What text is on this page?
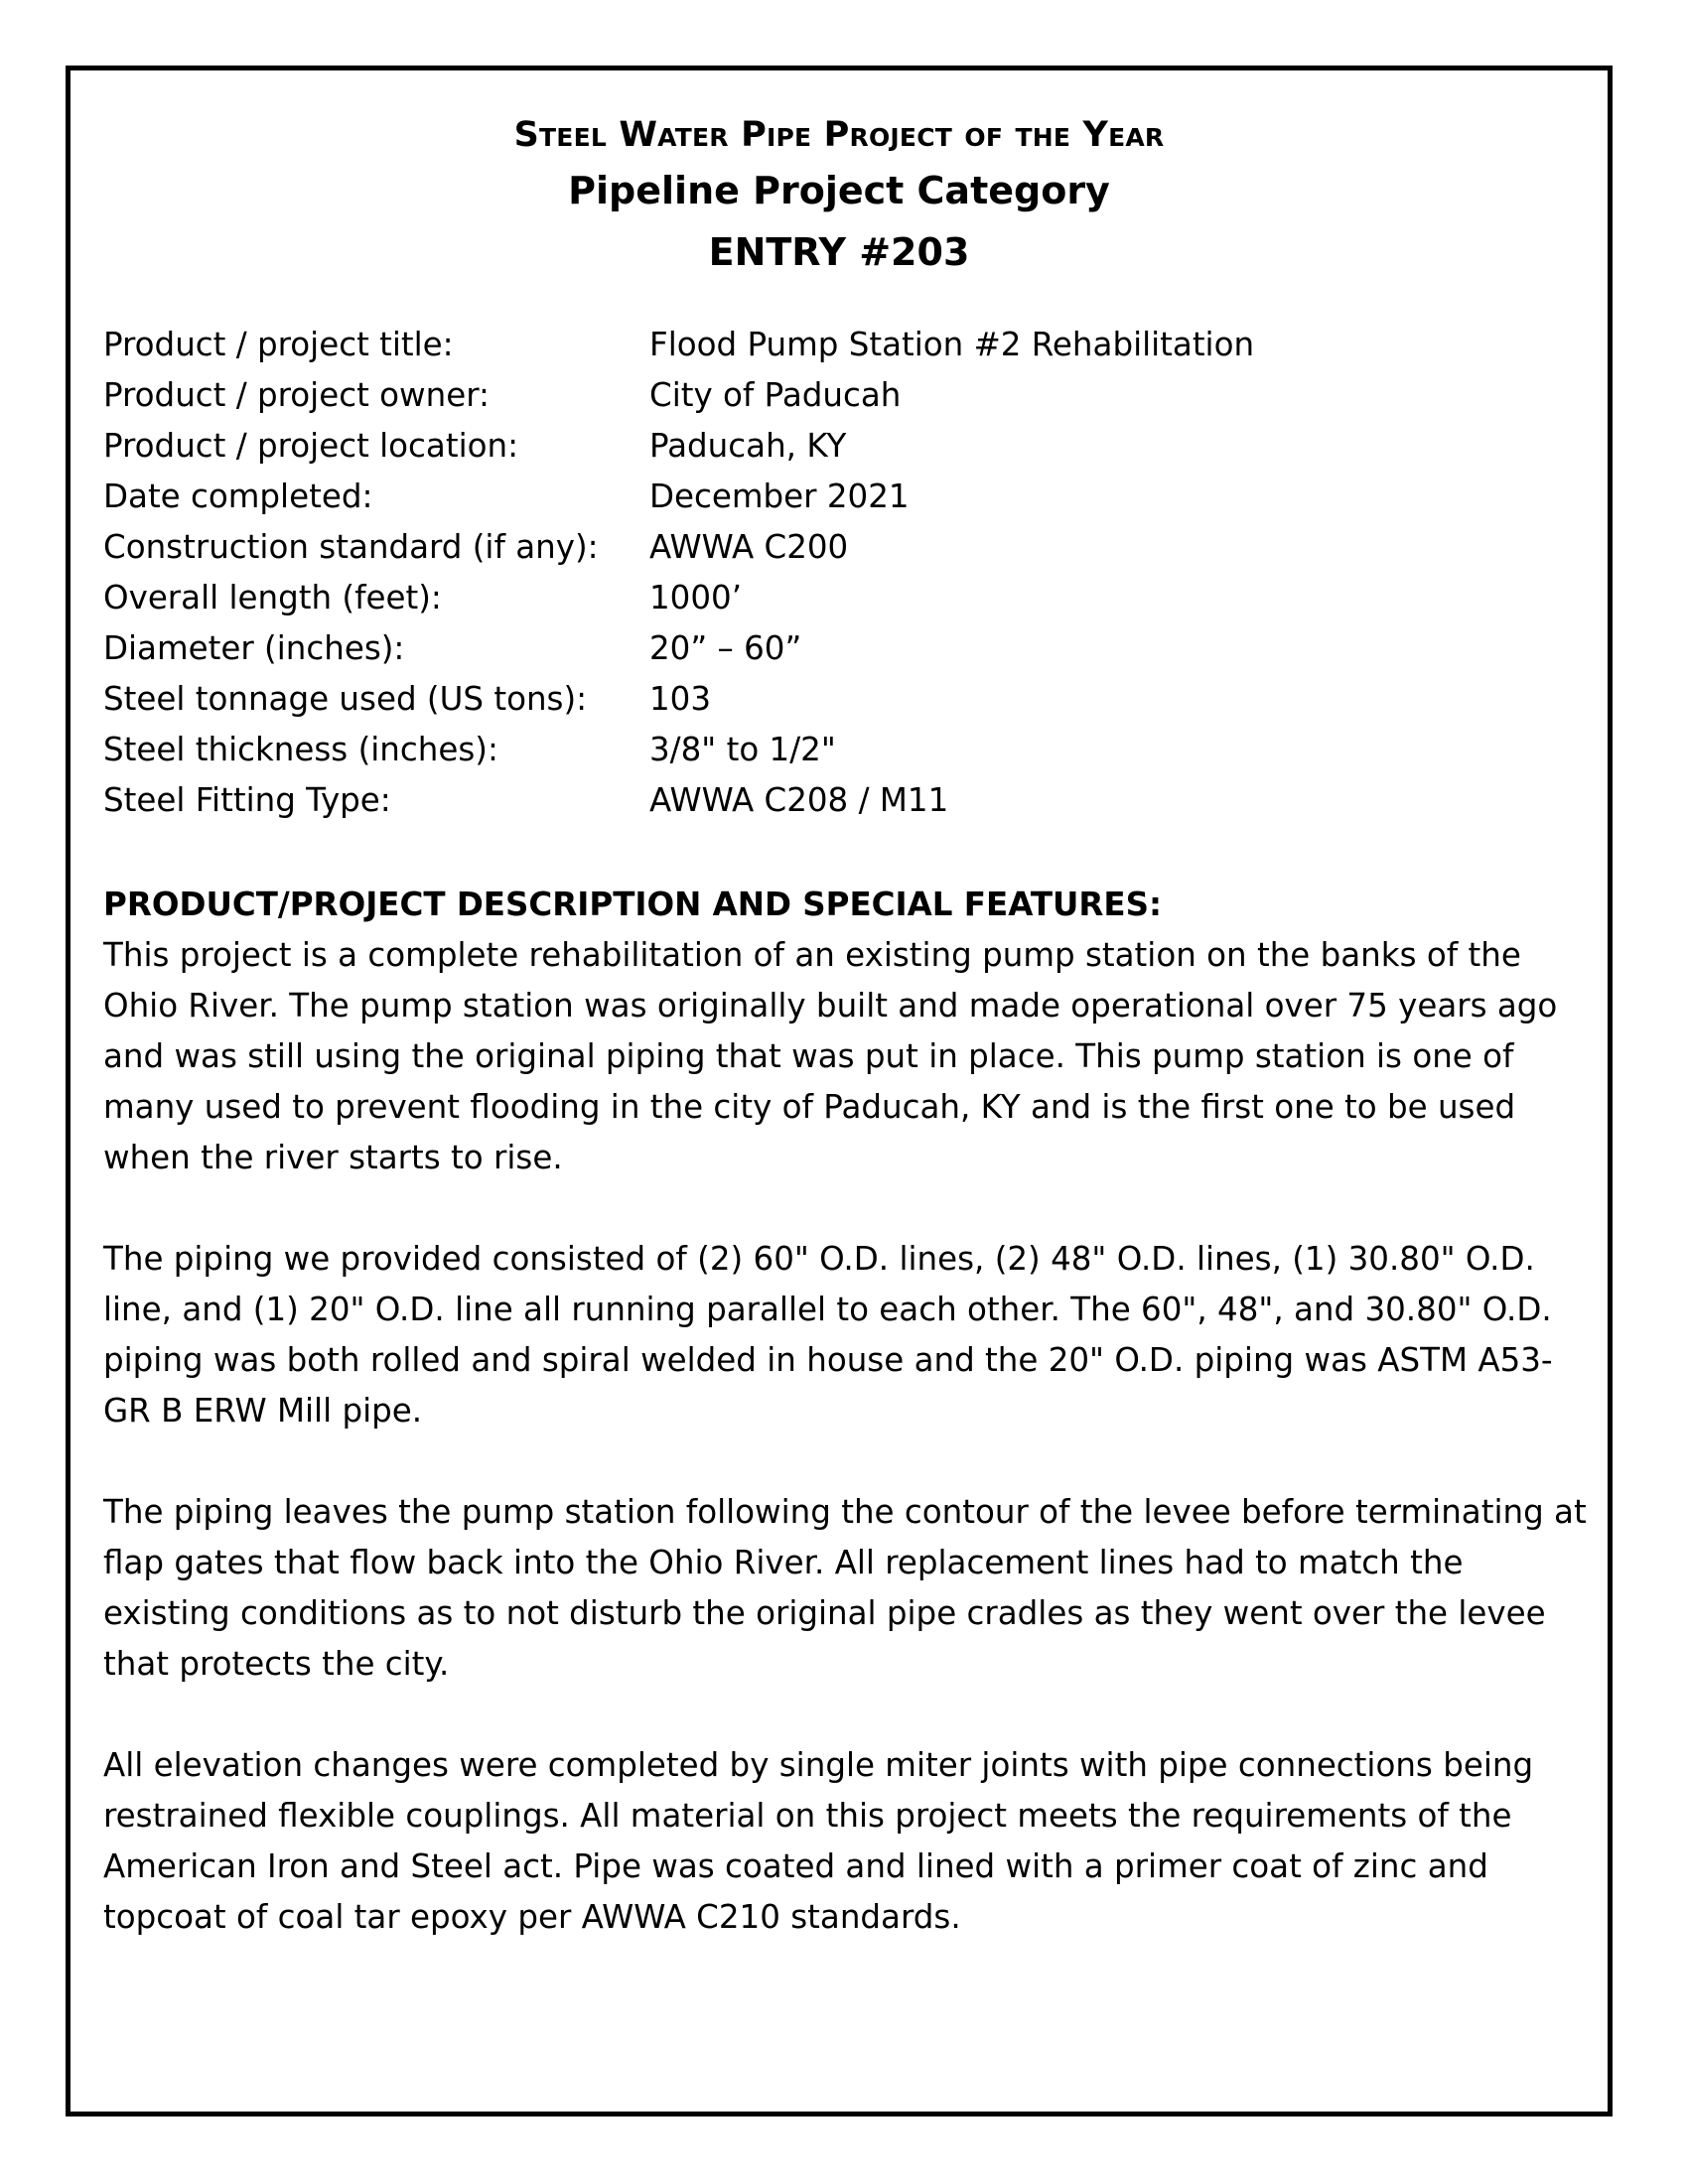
Steel Water Pipe Project of the Year
Pipeline Project Category
ENTRY #203
Product / project title:	Flood Pump Station #2 Rehabilitation
Product / project owner:	City of Paducah
Product / project location:	Paducah, KY
Date completed:	December 2021
Construction standard (if any):	AWWA C200
Overall length (feet):	1000’
Diameter (inches):	20” – 60”
Steel tonnage used (US tons):	103
Steel thickness (inches):	3/8" to 1/2"
Steel Fitting Type:	AWWA C208 / M11

PRODUCT/PROJECT DESCRIPTION AND SPECIAL FEATURES:

This project is a complete rehabilitation of an existing pump station on the banks of the Ohio River. The pump station was originally built and made operational over 75 years ago and was still using the original piping that was put in place. This pump station is one of many used to prevent flooding in the city of Paducah, KY and is the first one to be used when the river starts to rise.

The piping we provided consisted of (2) 60" O.D. lines, (2) 48" O.D. lines, (1) 30.80" O.D. line, and (1) 20" O.D. line all running parallel to each other. The 60", 48", and 30.80" O.D. piping was both rolled and spiral welded in house and the 20" O.D. piping was ASTM A53-GR B ERW Mill pipe.

The piping leaves the pump station following the contour of the levee before terminating at flap gates that flow back into the Ohio River. All replacement lines had to match the existing conditions as to not disturb the original pipe cradles as they went over the levee that protects the city.

All elevation changes were completed by single miter joints with pipe connections being restrained flexible couplings. All material on this project meets the requirements of the American Iron and Steel act. Pipe was coated and lined with a primer coat of zinc and topcoat of coal tar epoxy per AWWA C210 standards.
